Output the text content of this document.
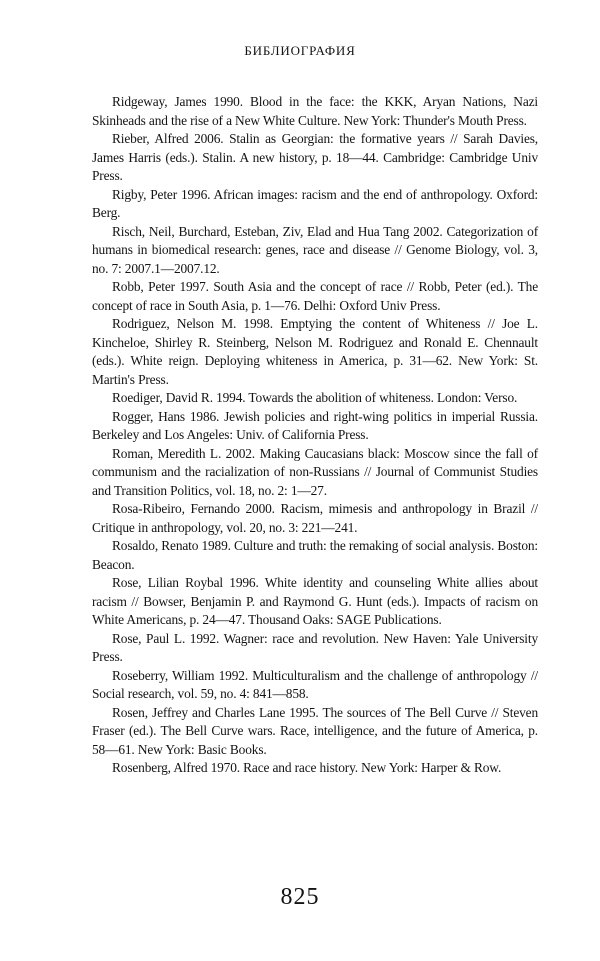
БИБЛИОГРАФИЯ

Ridgeway, James 1990. Blood in the face: the KKK, Aryan Nations, Nazi Skinheads and the rise of a New White Culture. New York: Thunder's Mouth Press.

Rieber, Alfred 2006. Stalin as Georgian: the formative years // Sarah Davies, James Harris (eds.). Stalin. A new history, p. 18—44. Cambridge: Cambridge Univ Press.

Rigby, Peter 1996. African images: racism and the end of anthropology. Oxford: Berg.

Risch, Neil, Burchard, Esteban, Ziv, Elad and Hua Tang 2002. Categorization of humans in biomedical research: genes, race and disease // Genome Biology, vol. 3, no. 7: 2007.1—2007.12.

Robb, Peter 1997. South Asia and the concept of race // Robb, Peter (ed.). The concept of race in South Asia, p. 1—76. Delhi: Oxford Univ Press.

Rodriguez, Nelson M. 1998. Emptying the content of Whiteness // Joe L. Kincheloe, Shirley R. Steinberg, Nelson M. Rodriguez and Ronald E. Chennault (eds.). White reign. Deploying whiteness in America, p. 31—62. New York: St. Martin's Press.

Roediger, David R. 1994. Towards the abolition of whiteness. London: Verso.

Rogger, Hans 1986. Jewish policies and right-wing politics in imperial Russia. Berkeley and Los Angeles: Univ. of California Press.

Roman, Meredith L. 2002. Making Caucasians black: Moscow since the fall of communism and the racialization of non-Russians // Journal of Communist Studies and Transition Politics, vol. 18, no. 2: 1—27.

Rosa-Ribeiro, Fernando 2000. Racism, mimesis and anthropology in Brazil // Critique in anthropology, vol. 20, no. 3: 221—241.

Rosaldo, Renato 1989. Culture and truth: the remaking of social analysis. Boston: Beacon.

Rose, Lilian Roybal 1996. White identity and counseling White allies about racism // Bowser, Benjamin P. and Raymond G. Hunt (eds.). Impacts of racism on White Americans, p. 24—47. Thousand Oaks: SAGE Publications.

Rose, Paul L. 1992. Wagner: race and revolution. New Haven: Yale University Press.

Roseberry, William 1992. Multiculturalism and the challenge of anthropology // Social research, vol. 59, no. 4: 841—858.

Rosen, Jeffrey and Charles Lane 1995. The sources of The Bell Curve // Steven Fraser (ed.). The Bell Curve wars. Race, intelligence, and the future of America, p. 58—61. New York: Basic Books.

Rosenberg, Alfred 1970. Race and race history. New York: Harper & Row.

825
